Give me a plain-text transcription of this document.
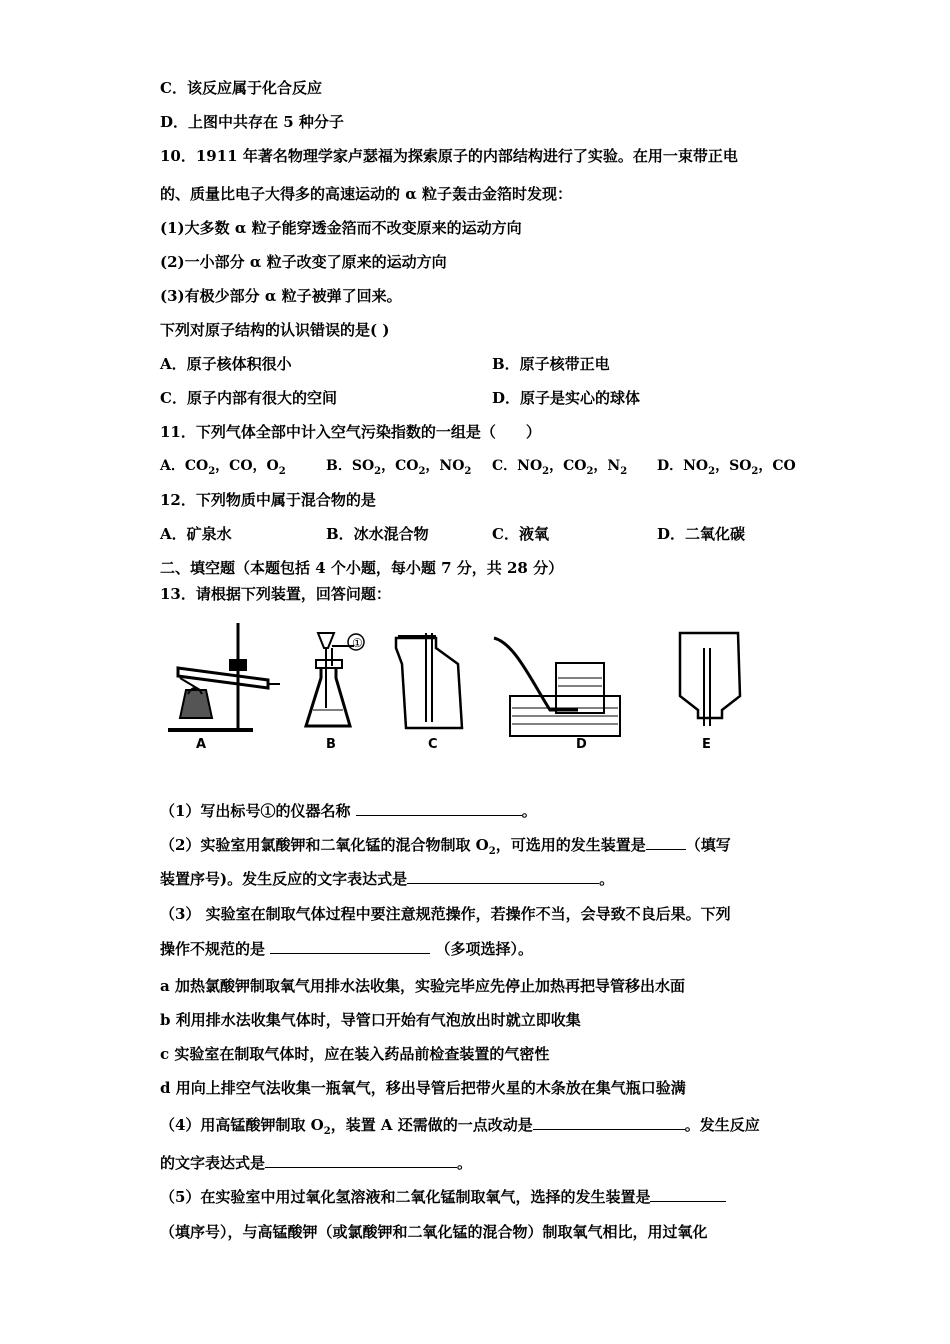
C．该反应属于化合反应
D．上图中共存在 5 种分子
10．1911 年著名物理学家卢瑟福为探索原子的内部结构进行了实验。在用一束带正电
的、质量比电子大得多的高速运动的 α 粒子轰击金箔时发现：
(1)大多数 α 粒子能穿透金箔而不改变原来的运动方向
(2)一小部分 α 粒子改变了原来的运动方向
(3)有极少部分 α 粒子被弹了回来。
下列对原子结构的认识错误的是( )
A．原子核体积很小	B．原子核带正电
C．原子内部有很大的空间	D．原子是实心的球体
11．下列气体全部中计入空气污染指数的一组是（　　）
A．$CO_2$，CO，$O_2$	B．$SO_2$，$CO_2$，$NO_2$ C．$NO_2$，$CO_2$，$N_2$ D．$NO_2$，$SO_2$，CO
12．下列物质中属于混合物的是
A．矿泉水	B．冰水混合物	C．液氧	D．二氧化碳
二、填空题（本题包括 4 个小题，每小题 7 分，共 28 分）
13．请根据下列装置，回答问题：
A
①
B	C	D	E
（1）写出标号①的仪器名称	。
（2）实验室用氯酸钾和二氧化锰的混合物制取 $O_2$，可选用的发生装置是	（填写
装置序号)。发生反应的文字表达式是	。
（3） 实验室在制取气体过程中要注意规范操作，若操作不当，会导致不良后果。下列
操作不规范的是	（多项选择）。
a 加热氯酸钾制取氧气用排水法收集，实验完毕应先停止加热再把导管移出水面
b 利用排水法收集气体时，导管口开始有气泡放出时就立即收集
c 实验室在制取气体时，应在装入药品前检查装置的气密性
d 用向上排空气法收集一瓶氧气，移出导管后把带火星的木条放在集气瓶口验满
（4）用高锰酸钾制取 $O_2$，装置 A 还需做的一点改动是	。发生反应
的文字表达式是	。
（5）在实验室中用过氧化氢溶液和二氧化锰制取氧气，选择的发生装置是
（填序号），与高锰酸钾（或氯酸钾和二氧化锰的混合物）制取氧气相比，用过氧化
